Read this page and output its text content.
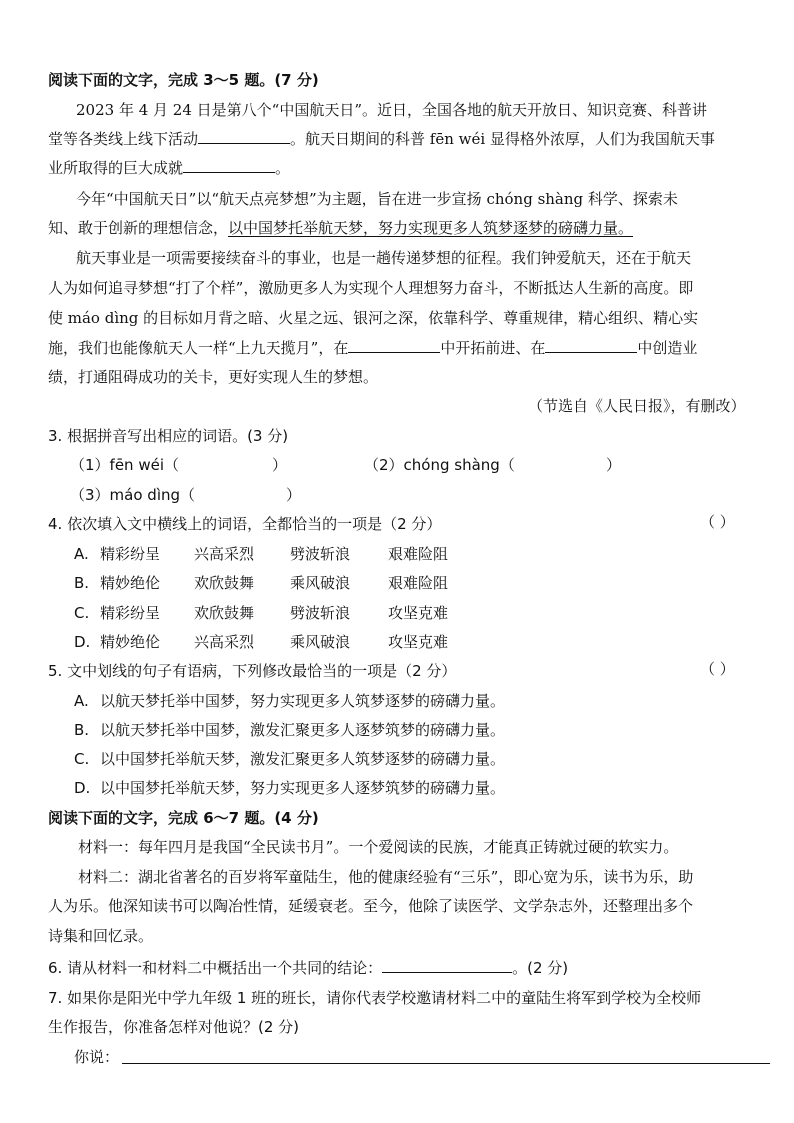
阅读下面的文字，完成 3～5 题。(7 分)
2023 年 4 月 24 日是第八个“中国航天日”。近日，全国各地的航天开放日、知识竞赛、科普讲
堂等各类线上线下活动	。航天日期间的科普 fēn wéi 显得格外浓厚，人们为我国航天事
业所取得的巨大成就	。
今年“中国航天日”以“航天点亮梦想”为主题，旨在进一步宣扬 chóng shàng 科学、探索未
知、敢于创新的理想信念，以中国梦托举航天梦，努力实现更多人筑梦逐梦的磅礴力量。
航天事业是一项需要接续奋斗的事业，也是一趟传递梦想的征程。我们钟爱航天，还在于航天
人为如何追寻梦想“打了个样”，激励更多人为实现个人理想努力奋斗，不断抵达人生新的高度。即
使 máo dìng 的目标如月背之暗、火星之远、银河之深，依靠科学、尊重规律，精心组织、精心实
施，我们也能像航天人一样“上九天揽月”，在	中开拓前进、在	中创造业
绩，打通阻碍成功的关卡，更好实现人生的梦想。
（节选自《人民日报》，有删改）
3. 根据拼音写出相应的词语。(3 分)
（1）fēn wéi（	）	（2）chóng shàng（	）
（3）máo dìng（	）
4. 依次填入文中横线上的词语，全都恰当的一项是（2 分）	（ ）
A. 精彩纷呈 兴高采烈 劈波斩浪	艰难险阻
B. 精妙绝伦 欢欣鼓舞 乘风破浪	艰难险阻
C. 精彩纷呈 欢欣鼓舞 劈波斩浪	攻坚克难
D. 精妙绝伦 兴高采烈 乘风破浪	攻坚克难
5. 文中划线的句子有语病，下列修改最恰当的一项是（2 分）	（ ）
A. 以航天梦托举中国梦，努力实现更多人筑梦逐梦的磅礴力量。
B. 以航天梦托举中国梦，激发汇聚更多人逐梦筑梦的磅礴力量。
C. 以中国梦托举航天梦，激发汇聚更多人筑梦逐梦的磅礴力量。
D. 以中国梦托举航天梦，努力实现更多人逐梦筑梦的磅礴力量。
阅读下面的文字，完成 6～7 题。(4 分)
材料一：每年四月是我国“全民读书月”。一个爱阅读的民族，才能真正铸就过硬的软实力。
材料二：湖北省著名的百岁将军童陆生，他的健康经验有“三乐”，即心宽为乐，读书为乐，助
人为乐。他深知读书可以陶冶性情，延缓衰老。至今，他除了读医学、文学杂志外，还整理出多个
诗集和回忆录。
6. 请从材料一和材料二中概括出一个共同的结论：	。(2 分)
7. 如果你是阳光中学九年级 1 班的班长，请你代表学校邀请材料二中的童陆生将军到学校为全校师
生作报告，你准备怎样对他说？(2 分)
你说：
